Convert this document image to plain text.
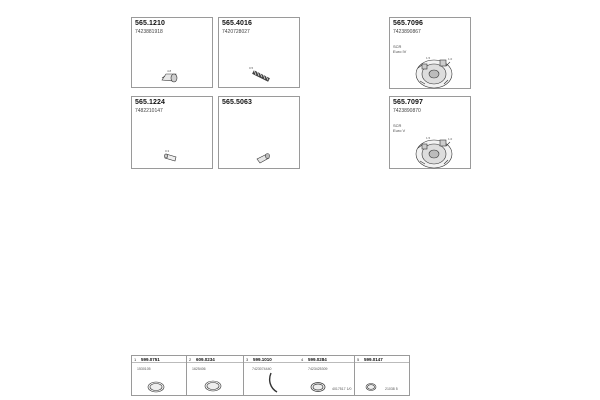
565.1210
7423881918
4.8
565.4016
7420728027
0.5
565.1224
7482210147
0.3
565.5063
565.7096
7423890867
SCR
Euro IV
1.5	1.0
565.7097
7423890870
SCR
Euro V
1.5	1.0
1 599.0751
1530105
2 609.0234
1625406
3 599.1010	4 599.0284
7423074440	7423425309
4017517 1/0
5 599.0147
21038 5
